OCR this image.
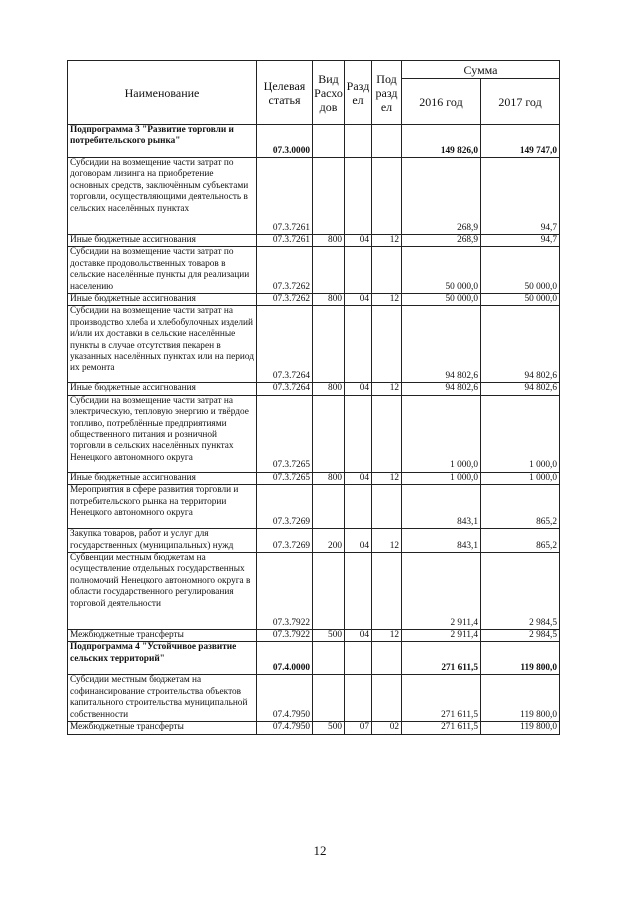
Наименование	Целевая статья	Вид Расхо дов	Разд ел	Под разд ел	Сумма	
					2016 год	2017 год
Подпрограмма 3 "Развитие торговли и потребительского рынка"	07.3.0000				149 826,0	149 747,0
Субсидии на возмещение части затрат по договорам лизинга на приобретение основных средств, заключённым субъектами торговли, осуществляющими деятельность в сельских населённых пунктах	07.3.7261				268,9	94,7
Иные бюджетные ассигнования	07.3.7261	800	04	12	268,9	94,7
Субсидии на возмещение части затрат по доставке продовольственных товаров в сельские населённые пункты для реализации населению	07.3.7262				50 000,0	50 000,0
Иные бюджетные ассигнования	07.3.7262	800	04	12	50 000,0	50 000,0
Субсидии на возмещение части затрат на производство хлеба и хлебобулочных изделий и/или их доставки в сельские населённые пункты в случае отсутствия пекарен в указанных населённых пунктах или на период их ремонта	07.3.7264				94 802,6	94 802,6
Иные бюджетные ассигнования	07.3.7264	800	04	12	94 802,6	94 802,6
Субсидии на возмещение части затрат на электрическую, тепловую энергию и твёрдое топливо, потреблённые предприятиями общественного питания и розничной торговли в сельских населённых пунктах Ненецкого автономного округа	07.3.7265				1 000,0	1 000,0
Иные бюджетные ассигнования	07.3.7265	800	04	12	1 000,0	1 000,0
Мероприятия в сфере развития торговли и потребительского рынка на территории Ненецкого автономного округа	07.3.7269				843,1	865,2
Закупка товаров, работ и услуг для государственных (муниципальных) нужд	07.3.7269	200	04	12	843,1	865,2
Субвенции местным бюджетам на осуществление отдельных государственных полномочий Ненецкого автономного округа в области государственного регулирования торговой деятельности	07.3.7922				2 911,4	2 984,5
Межбюджетные трансферты	07.3.7922	500	04	12	2 911,4	2 984,5
Подпрограмма 4 "Устойчивое развитие сельских территорий"	07.4.0000				271 611,5	119 800,0
Субсидии местным бюджетам на софинансирование строительства объектов капитального строительства муниципальной собственности	07.4.7950				271 611,5	119 800,0
Межбюджетные трансферты	07.4.7950	500	07	02	271 611,5	119 800,0
12
